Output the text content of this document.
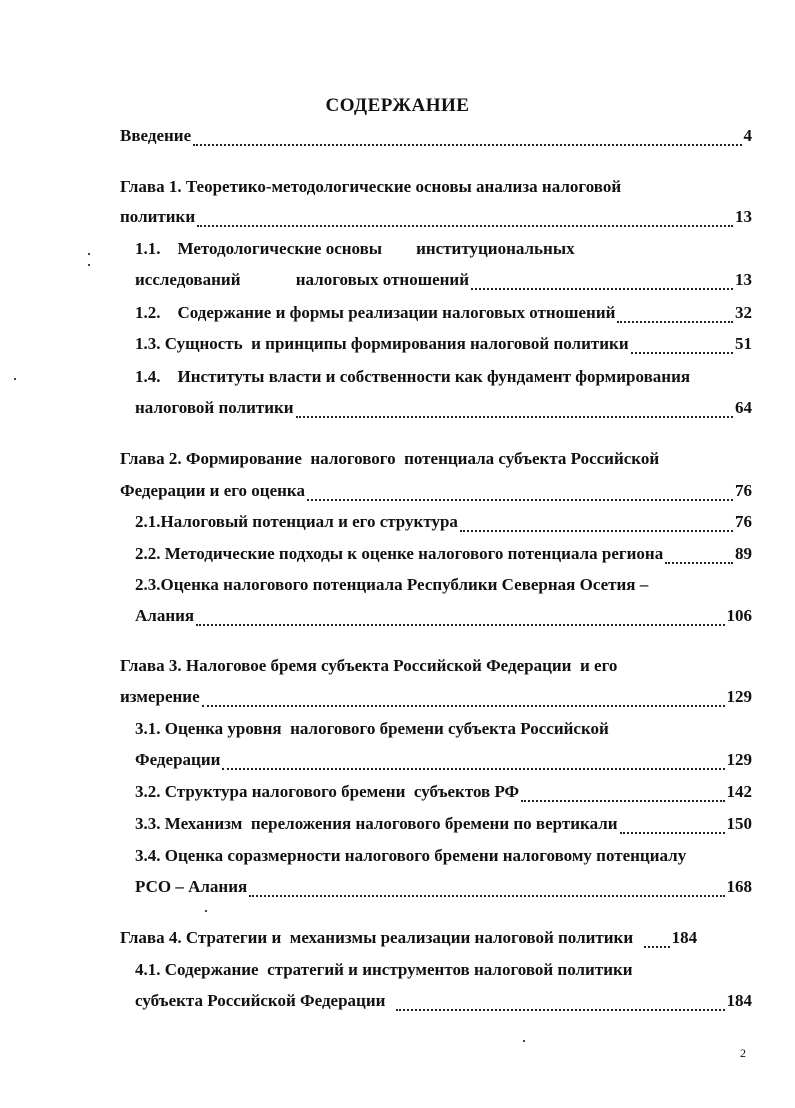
СОДЕРЖАНИЕ
Введение	4
Глава 1. Теоретико-методологические основы анализа налоговой
политики	13
1.1.    Методологические основы        институциональных
исследований             налоговых отношений	13
1.2.    Содержание и формы реализации налоговых отношений	32
1.3. Сущность  и принципы формирования налоговой политики	51
1.4.    Институты власти и собственности как фундамент формирования
налоговой политики	64
Глава 2. Формирование  налогового  потенциала субъекта Российской
Федерации и его оценка	76
2.1.Налоговый потенциал и его структура	76
2.2. Методические подходы к оценке налогового потенциала региона	89
2.3.Оценка налогового потенциала Республики Северная Осетия –
Алания	106
Глава 3. Налоговое бремя субъекта Российской Федерации  и его
измерение	129
3.1. Оценка уровня  налогового бремени субъекта Российской
Федерации	129
3.2. Структура налогового бремени  субъектов РФ	142
3.3. Механизм  переложения налогового бремени по вертикали	150
3.4. Оценка соразмерности налогового бремени налоговому потенциалу
РСО – Алания	168
Глава 4. Стратегии и  механизмы реализации налоговой политики 184
4.1. Содержание  стратегий и инструментов налоговой политики
субъекта Российской Федерации	184
2
